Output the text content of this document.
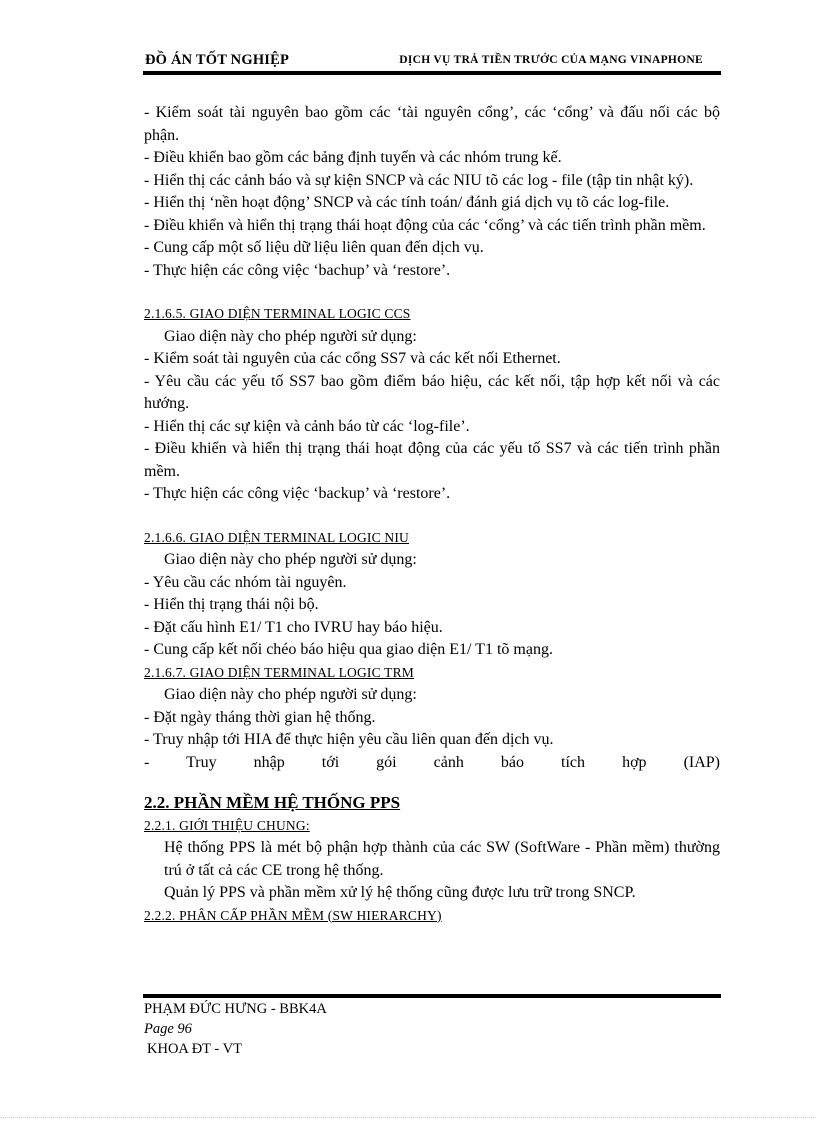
ĐỒ ÁN TỐT NGHIỆP	DỊCH VỤ TRẢ TIỀN TRƯỚC CỦA MẠNG VINAPHONE

- Kiểm soát tài nguyên bao gồm các ‘tài nguyên cổng’, các ‘cổng’ và đấu nối các bộ phận.

- Điều khiển bao gồm các bảng định tuyến và các nhóm trung kế.

- Hiển thị các cảnh báo và sự kiện SNCP và các NIU tõ các log - file (tập tin nhật ký).

- Hiển thị ‘nền hoạt động’ SNCP và các tính toán/ đánh giá dịch vụ tõ các log-file.

- Điều khiển và hiển thị trạng thái hoạt động của các ‘cổng’ và các tiến trình phần mềm.

- Cung cấp một số liệu dữ liệu liên quan đến dịch vụ.

- Thực hiện các công việc ‘bachup’ và ‘restore’.

2.1.6.5. GIAO DIỆN TERMINAL LOGIC CCS

Giao diện này cho phép người sử dụng:

- Kiểm soát tài nguyên của các cổng SS7 và các kết nối Ethernet.

- Yêu cầu các yếu tố SS7 bao gồm điểm báo hiệu, các kết nối, tập hợp kết nối và các hướng.

- Hiển thị các sự kiện và cảnh báo từ các ‘log-file’.

- Điều khiển và hiển thị trạng thái hoạt động của các yếu tố SS7 và các tiến trình phần mềm.

- Thực hiện các công việc ‘backup’ và ‘restore’.

2.1.6.6. GIAO DIỆN TERMINAL LOGIC NIU

Giao diện này cho phép người sử dụng:

- Yêu cầu các nhóm tài nguyên.

- Hiển thị trạng thái nội bộ.

- Đặt cấu hình E1/ T1 cho IVRU hay báo hiệu.

- Cung cấp kết nối chéo báo hiệu qua giao diện E1/ T1 tõ mạng.

2.1.6.7. GIAO DIỆN TERMINAL LOGIC TRM

Giao diện này cho phép người sử dụng:

- Đặt ngày tháng thời gian hệ thống.

- Truy nhập tới HIA để thực hiện yêu cầu liên quan đến dịch vụ.

- Truy nhập tới gói cảnh báo tích hợp (IAP)

2.2. PHẦN MỀM HỆ THỐNG PPS

2.2.1. GIỚI THIỆU CHUNG:

Hệ thống PPS là mét bộ phận hợp thành của các SW (SoftWare - Phần mềm) thường trú ở tất cả các CE trong hệ thống.

Quản lý PPS và phần mềm xử lý hệ thống cũng được lưu trữ trong SNCP.

2.2.2. PHÂN CẤP PHẦN MỀM (SW HIERARCHY)

PHẠM ĐỨC HƯNG - BBK4A
Page 96
KHOA ĐT - VT
